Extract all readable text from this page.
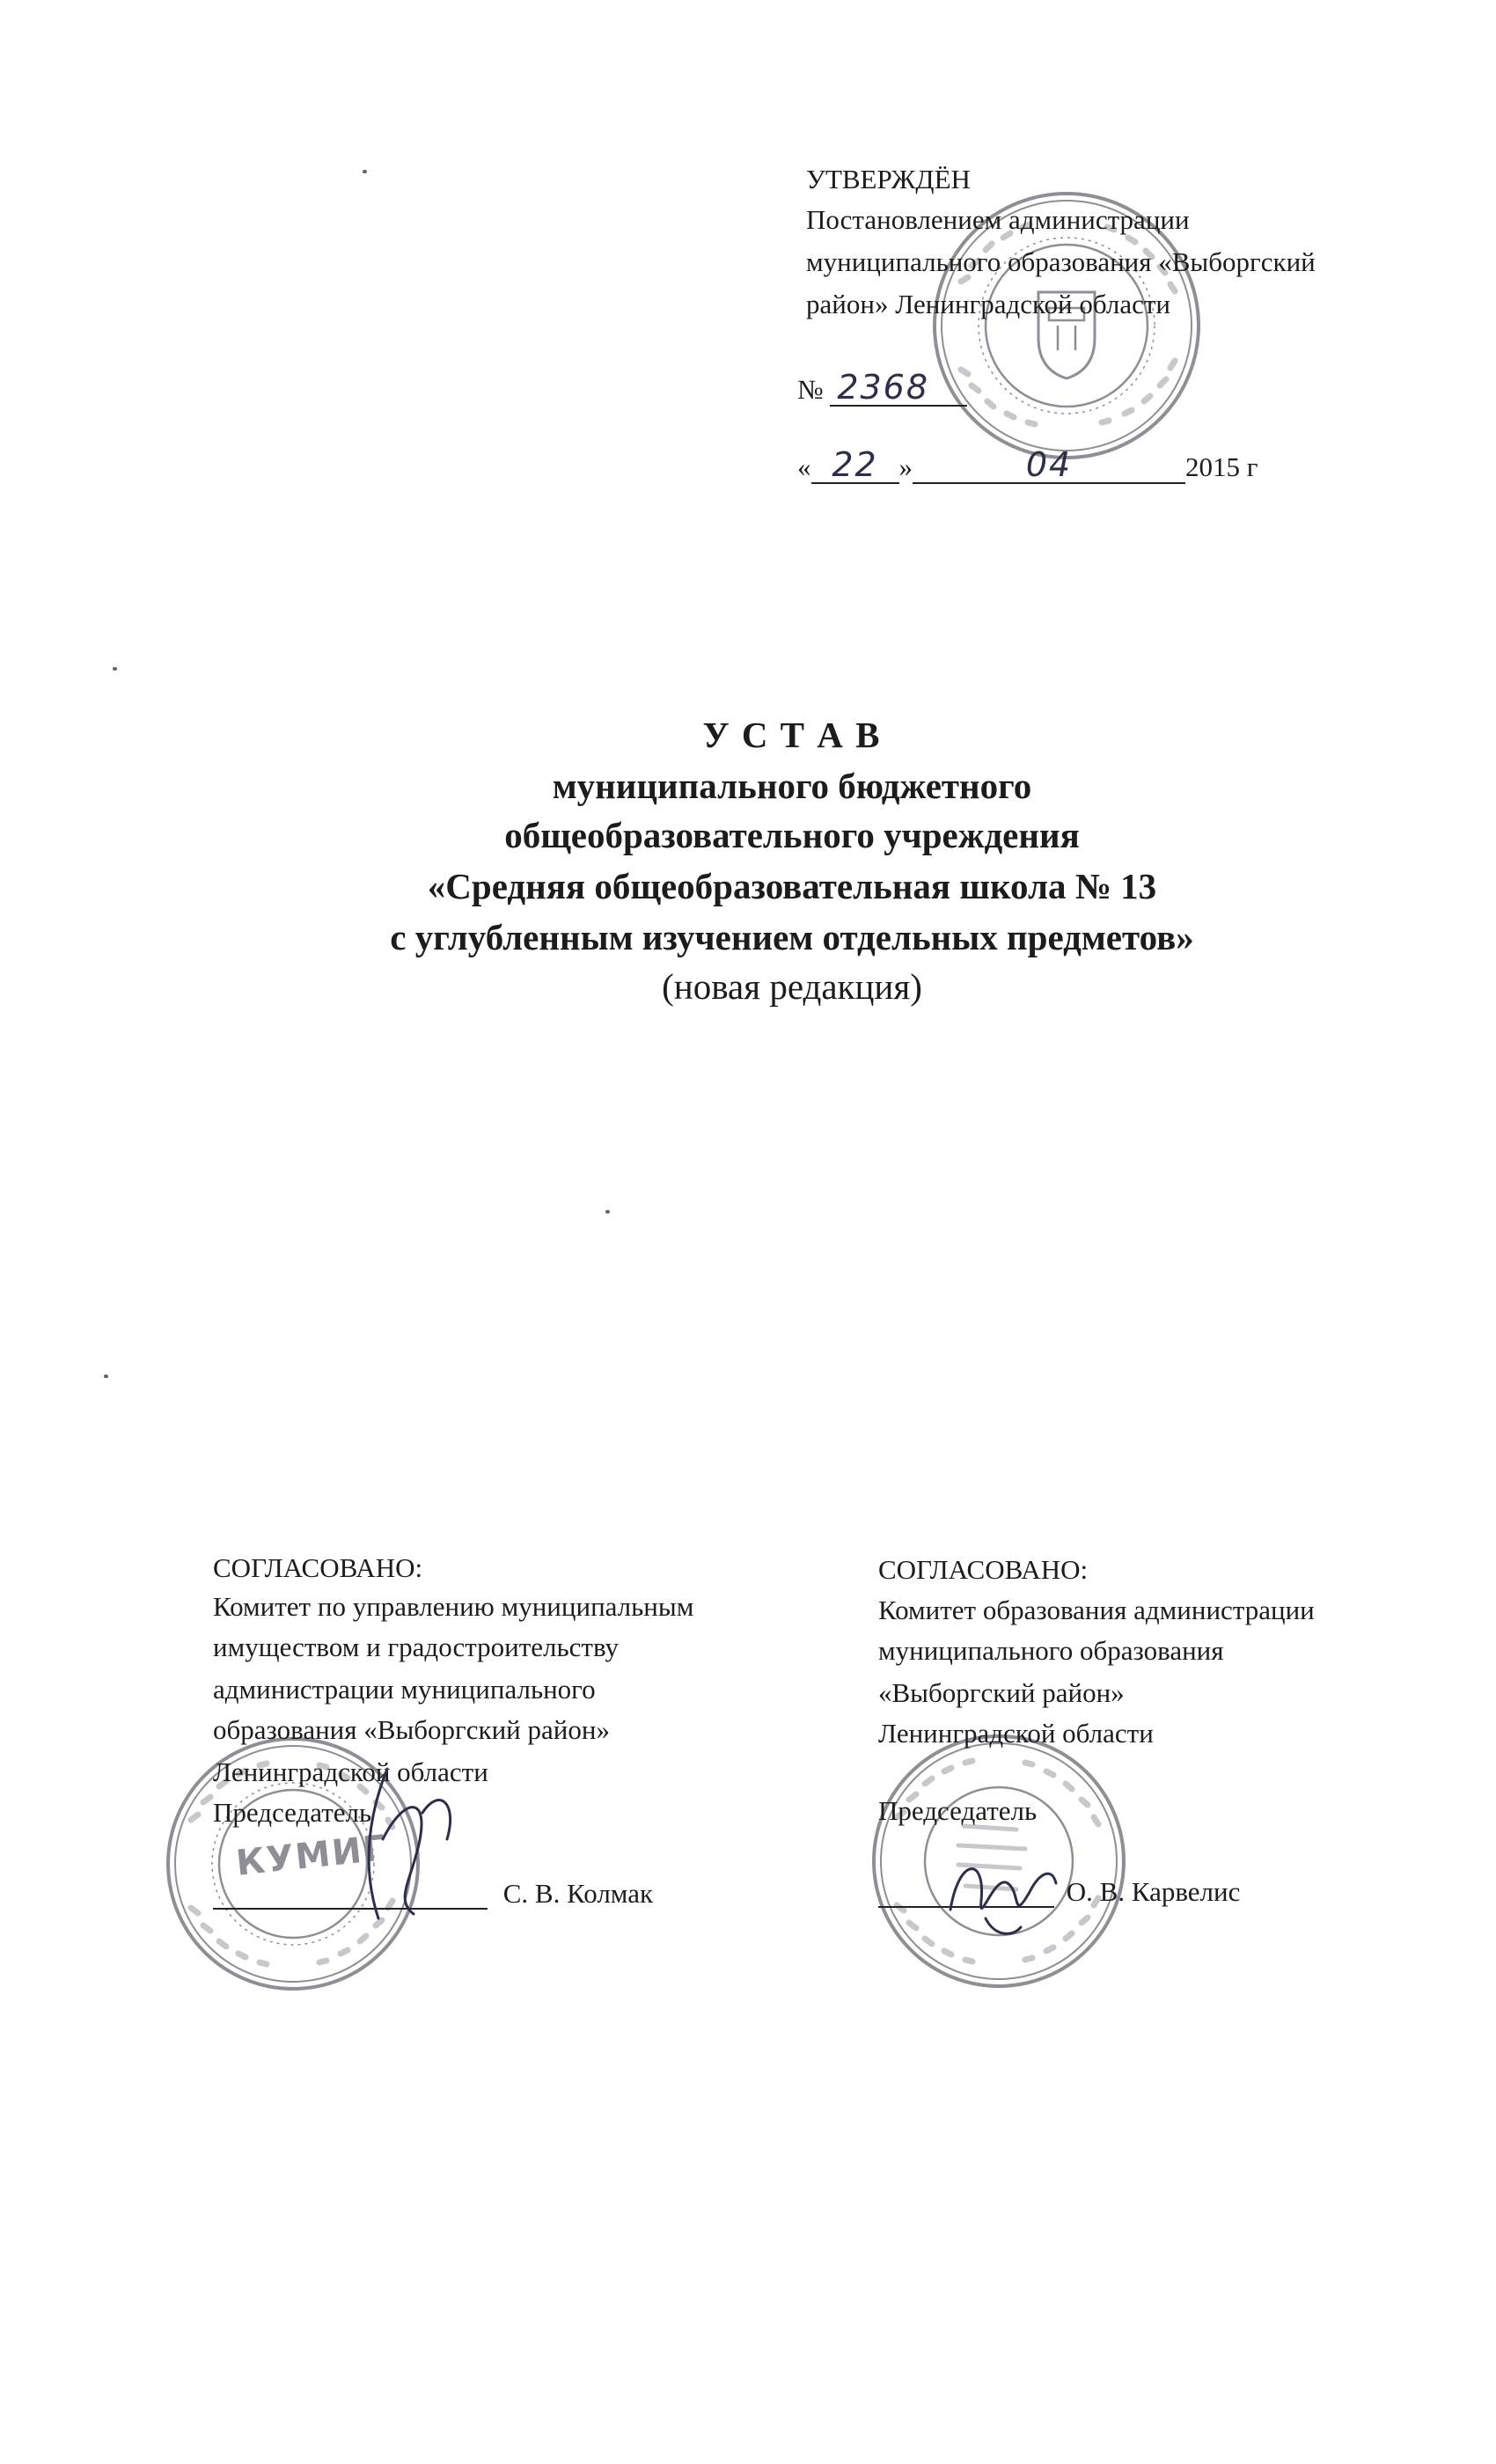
УТВЕРЖДЁН
Постановлением администрации
муниципального образования «Выборгский
район» Ленинградской области
№ 2368
« 22 »	04	2015 г
У С Т А В
муниципального бюджетного
общеобразовательного учреждения
«Средняя общеобразовательная школа № 13
с углубленным изучением отдельных предметов»
(новая редакция)
КУМИГ
СОГЛАСОВАНО:
Комитет по управлению муниципальным
имуществом и градостроительству
администрации муниципального
образования «Выборгский район»
Ленинградской области
Председатель
С. В. Колмак
СОГЛАСОВАНО:
Комитет образования администрации
муниципального образования
«Выборгский район»
Ленинградской области
Председатель
О. В. Карвелис
